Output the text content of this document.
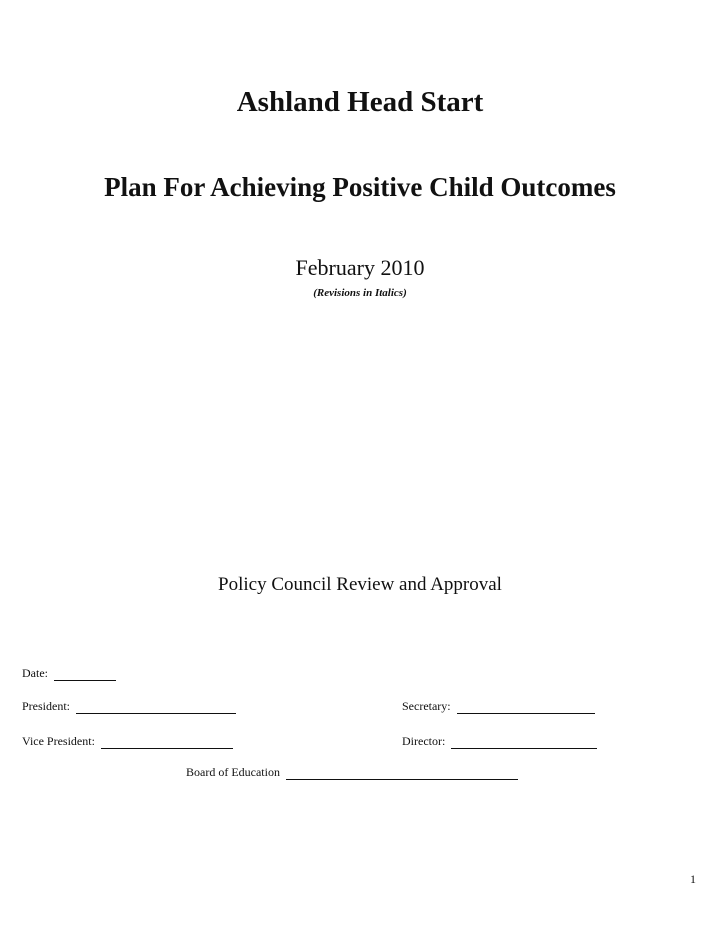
Ashland Head Start
Plan For Achieving Positive Child Outcomes
February 2010
(Revisions in Italics)
Policy Council Review and Approval
Date:
President:	Secretary:
Vice President:	Director:
Board of Education
1
